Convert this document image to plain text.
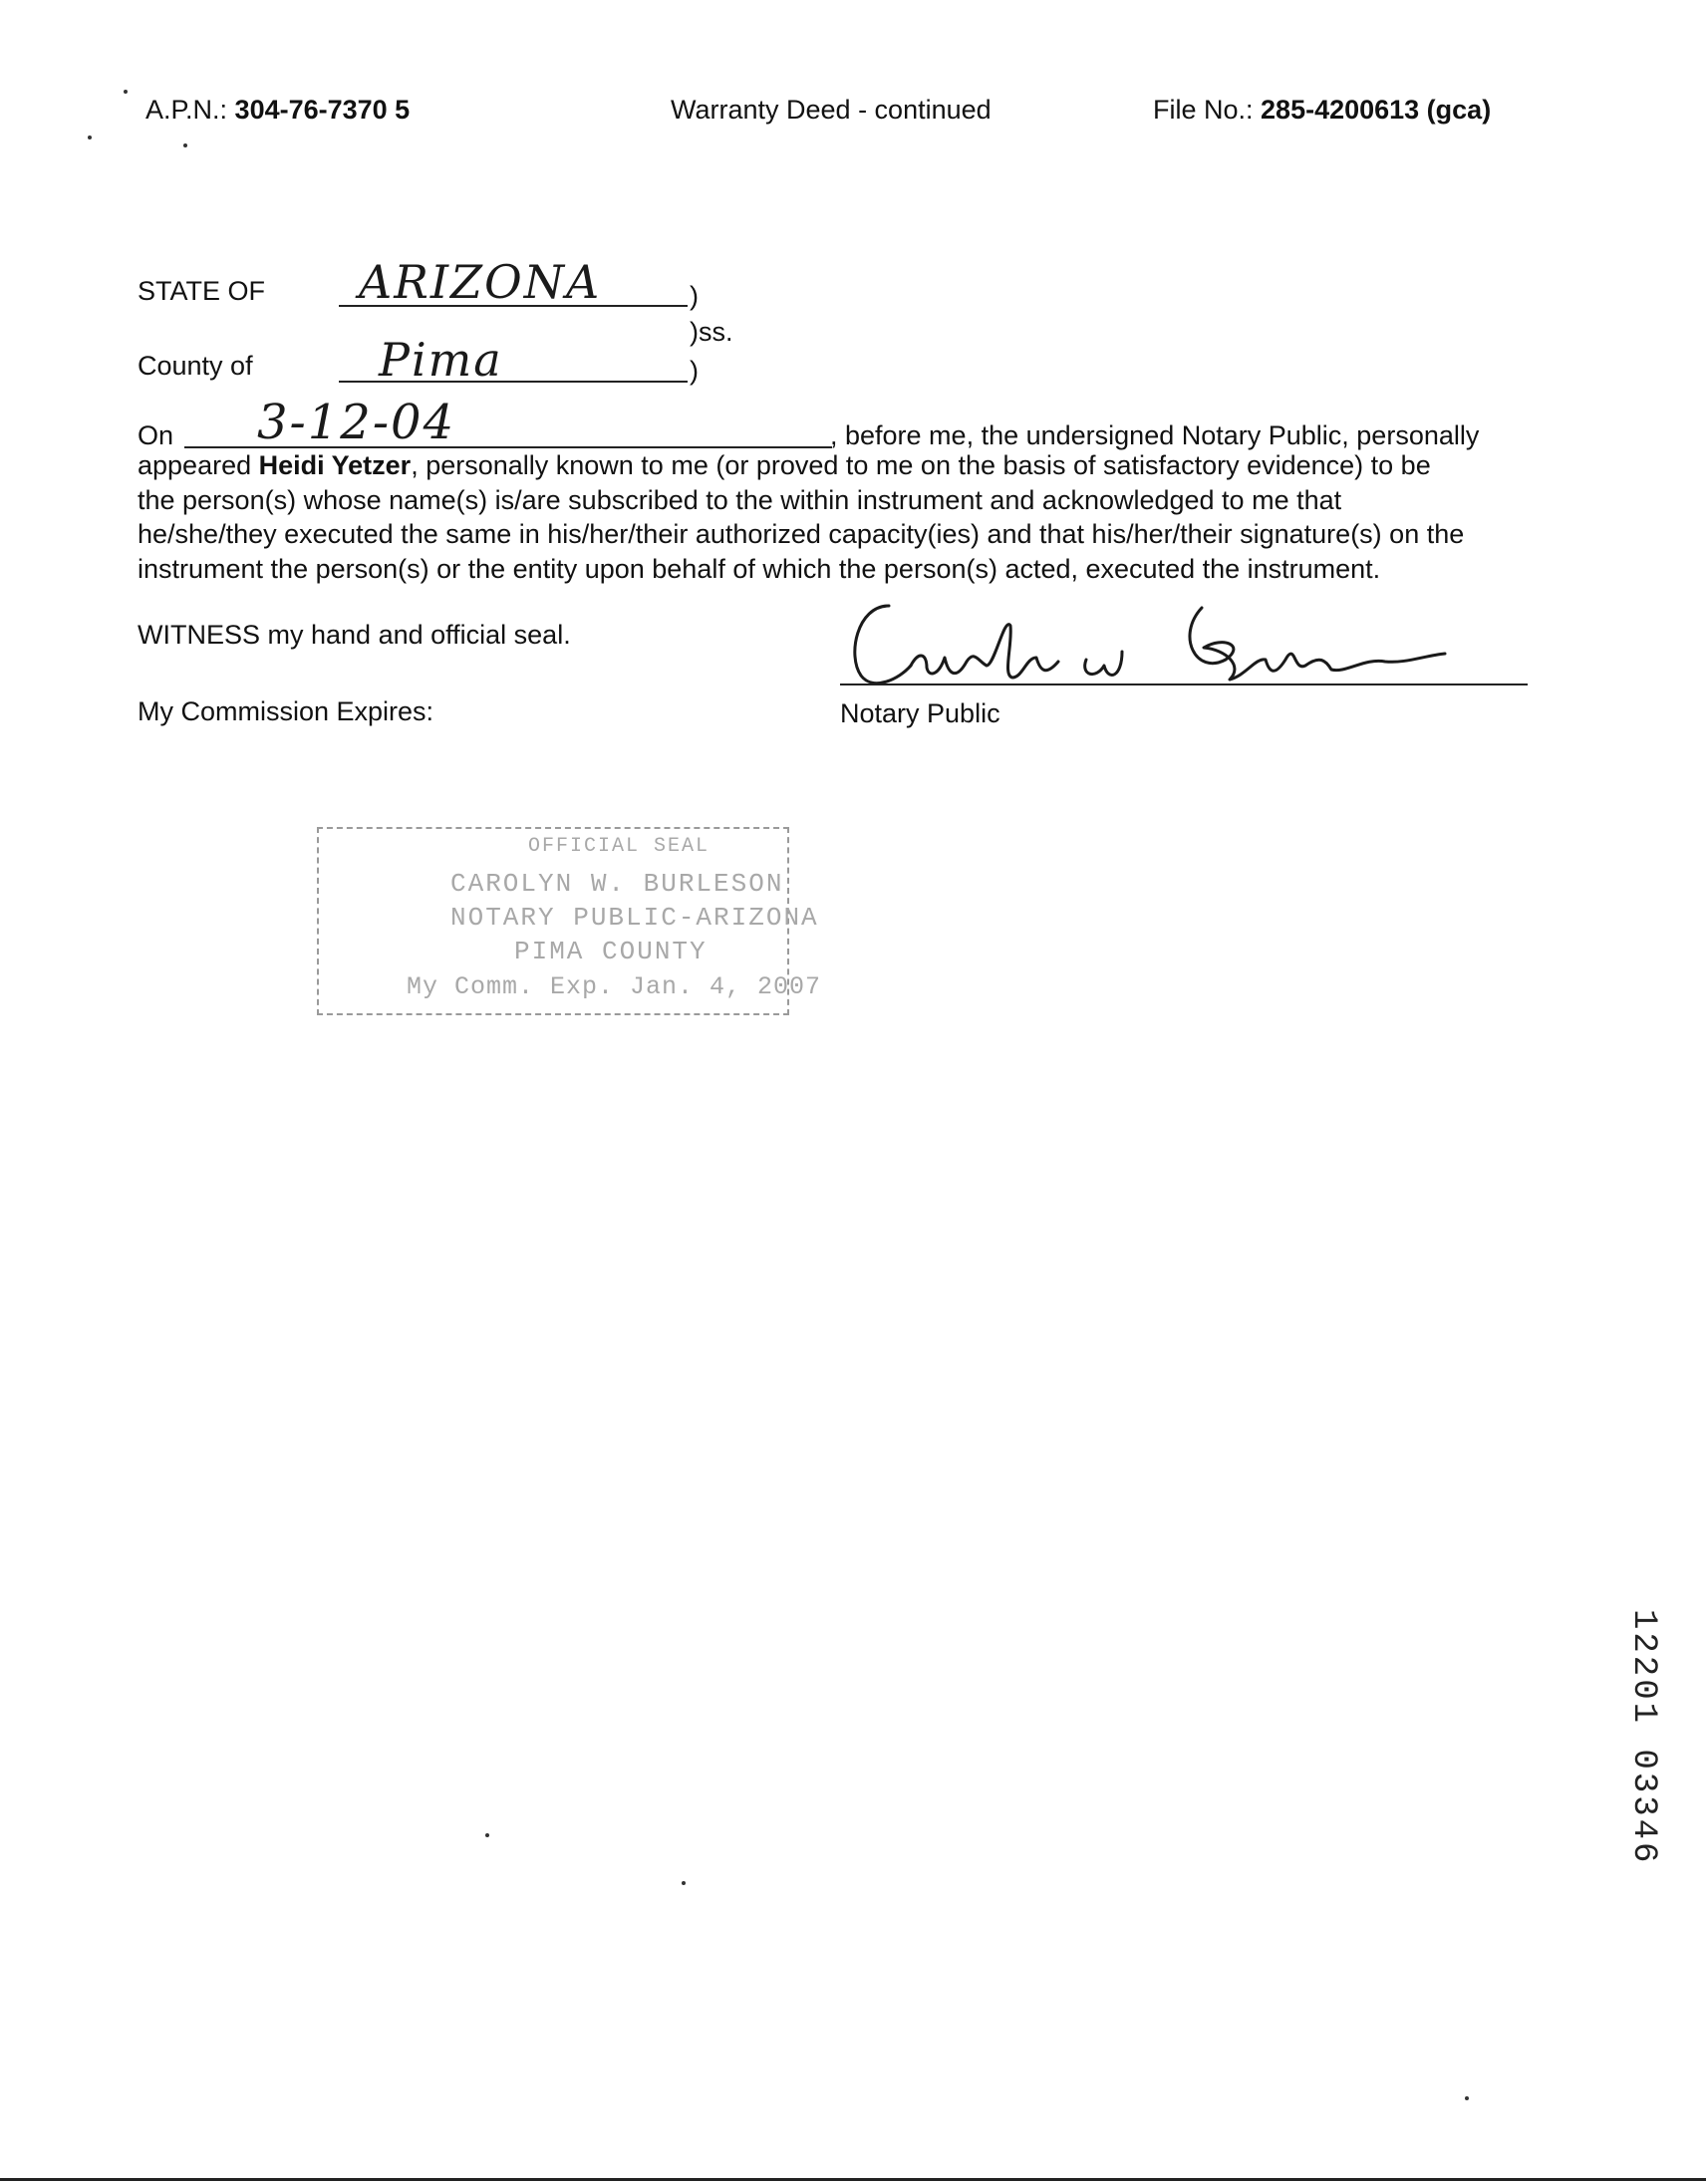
A.P.N.: 304-76-7370 5	Warranty Deed - continued	File No.: 285-4200613 (gca)
STATE OF ARIZONA	)
)ss.
County of	Pima	)
On 3-12-04	, before me, the undersigned Notary Public, personally
appeared Heidi Yetzer, personally known to me (or proved to me on the basis of satisfactory evidence) to be
the person(s) whose name(s) is/are subscribed to the within instrument and acknowledged to me that
he/she/they executed the same in his/her/their authorized capacity(ies) and that his/her/their signature(s) on the
instrument the person(s) or the entity upon behalf of which the person(s) acted, executed the instrument.
WITNESS my hand and official seal.
My Commission Expires:	Notary Public
OFFICIAL SEAL
CAROLYN W. BURLESON
NOTARY PUBLIC-ARIZONA
PIMA COUNTY
My Comm. Exp. Jan. 4, 2007
12201 03346
